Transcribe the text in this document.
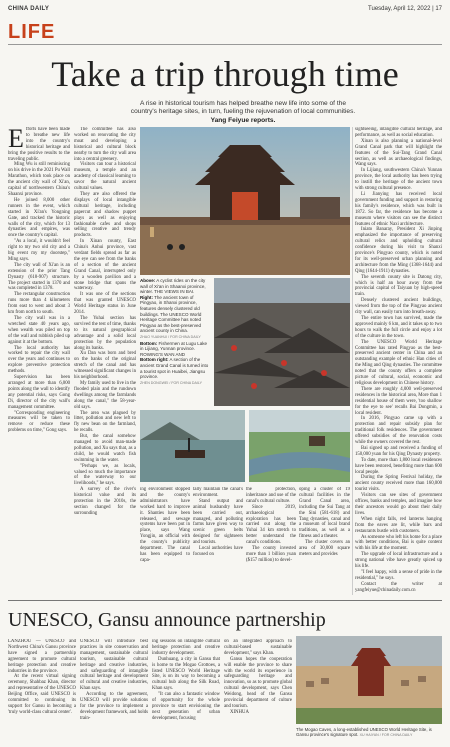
CHINA DAILY	Tuesday, April 12, 2022 | 17
LIFE
Take a trip through time
A rise in historical tourism has helped breathe new life into some of the country's heritage sites, in turn, fueling the rejuvenation of local communities. Yang Feiyue reports.
E fforts have been made to breathe new life into the country's historical heritage and bring the positive results to the traveling public.

Ming Wu is still reminiscing on his drive in the 2021 Pu Wall Marathon, which took place on the ancient city wall of Xi'an, capital of northwestern China's Shaanxi province.

He joined 8,000 other runners in the event, which started in Xi'an's Yongning Gate, and tracked the historic walls of the city, which for 13 dynasties and empires, was once the country's capital.

"As a local, it wouldn't feel right to my two old city and a big event my my doorstep," Ming says.

The city wall of Xi'an is an extension of the prior Tang Dynasty (618-907) structure. The project started in 1370 and was completed in 1378.

The rectangular construction runs more than 4 kilometers from east to west and about 3 km from north to south.

The city wall was in a wretched state 40 years ago, when wealth was piled on top of the wall and rubbish piled up against it at the bottom.

The local authority has worked to repair the city wall over the years and continues to explore preventive protection methods.

Supervision has been arranged at more than 6,000 points along the wall to identify any potential risks, says Gong Di, director of the city wall's management committee.

"Corresponding engineering measures will be taken to remove or reduce these problems on time," Gong says.

The committee has also worked on renovating the city moat and developing a historical and cultural block nearby to turn the city wall area into a central greenery.

Visitors can tour a historical museum, a temple and an academy of classical learning to savor the natural ancient cultural values.

They are also offered the displays of local intangible cultural heritage, including papercut and shadow puppet plays as well as enjoying fashionable cafes and shops selling creative and trendy products.

In Xinan county, East China's Anhui province, vast verdant fields spread as far as the eye can see from the banks of a section of the ancient Grand Canal, interrupted only by a wooden pavilion and a stone bridge that spans the waterway.

It was one of the sections that was granted UNESCO World Heritage status in June 2014.

The Yuhai section has survived the test of time, thanks to its natural geographical advantage and a solid local protection by the population along its banks.

Xu Dan was born and bred on the banks of the original stretch of the canal and has witnessed significant changes in his neighborhood.

My family used to live in the flooded plain and the rundown dwellings among the farmlands along the canal," the 58-year-old says.

The area was plagued by litter, pollution and new left to fly new bean on the farmland, he recalls.

But, the canal somehow managed to avoid man-made pollution, and Xu says that, as a child, he would watch fish swimming in the water.

"Perhaps we, as locals, valued so much the importance of the waterway to our livelihoods," he says.

A survey of the river's historical value and its protection in the 2010s, the section changed for the surrounding

Above: A cyclist rides on the city wall of Xi'an in Shaanxi province, winter. THE VIEWS IN BAI.
Right: The ancient town of Pingyao, in Shanxi province, features densely clustered old buildings. The UNESCO World Heritage Committee has noted Pingyao as the best-preserved ancient county in China.
ZHAO YUANHUI / FOR CHINA DAILY
Bottom: Fishermen at Lugu Lake in Lijiang, Yunnan province. ROWING'S WAN AND
Bottom right: A section of the ancient Grand Canal is turned into a tourist spot in Huaibei, Jiangsu province.
ZHEN DONGWEI / FOR CHINA DAILY

ing environment stopped and the county's administrators have worked hard to improve it. Shanties have been released, and sewage systems have been put in place, says Wang Yongjin, an official with the county's publicity department. The canal has been equipped to capa-

tally maintain the canal's environment.

Stand output and animal husbandry have been carried out, managed, and polluting farms have given way to scenic green belts designed for sightseers and tourists.

Local authorities have focused on

the protection, inheritance and use of the canal's cultural culture.

Since 2019, archaeological exploration has been carried out along the Yuhai 34 km stretch to better understand the canal's conditions.

The county invested more than 1 billion yuan ($157 million) to devel-

oping a cluster of 19 cultural facilities in the Grand Canal area, including the Sui Tang at the Sini (581-618) and Tang dynasties, canal and a museum of local brand traditions, as well as a fitness and a theater.

The cluster covers an area of 30,000 square meters and provides

sightseeing, intangible cultural heritage, and performance, as well as social education.

Xinan is also planning a national-level Grand Canal park that will highlight the features of the Sui-Tang Grand Canal section, as well as archaeological findings, Wang says.

In Lijiang, southwestern China's Yunnan province, the local authority has been trying to instill the heritage of the ancient town with strong cultural presence.

Li Jianying has received local government funding and support in restoring his family's residence, which was built in 1872. So far, the residence has become a museum where visitors can see the distinct features of ethnic Naxi architecture.

Iniato Banaray, President Xi Jinping emphasized the importance of preserving cultural relics and upholding cultural confidence during his visit to Shanxi province's Pingyao county, which is noted for its well-preserved urban planning and architecture from the Ming (1368-1644) and Qing (1644-1911) dynasties.

The seventh county site is Datong city, which is half an hour away from the provincial capital of Taiyuan by high-speed train.

Densely clustered ancient buildings, viewed from the top of the Pingyao ancient city wall, can easily turn into breath-away.

The entire town has survived, made the approved mainly 6 km, and it takes up to two hours to walk the full circle and enjoy a lot of the culture in the town.

The UNESCO World Heritage Committee has rated Pingyao as the best-preserved ancient center in China and an outstanding example of ethnic Han cities of the Ming and Qing dynasties. The committee noted that the county offers a complete picture of cultural, social, economic and religious development in Chinese history.

There are roughly 4,000 well-preserved residences in the historical area, More than 1 residential house of them were, 'too shallow for the eye to see' recalls Bai Dongmin, a local resident.

In 2016, Pingyao came up with a protection and repair subsidy plan for traditional folk residences. The government offered subsidies of the renovation costs while the owners covered the rest.

Bai signed up and received a funding of 150,000 yuan for his Qing Dynasty property.

To date, more than 1,800 local residences have been restored, benefiting more than 600 local people.

During the Spring Festival holiday, the ancient county received more than 160,000 tourist visits.

Visitors can see sites of government offices, banks and temples, and imagine how their ancestors would go about their daily lives.

When night falls, red lanterns hanging from the eaves are lit, while bars and restaurants bustle with customers.

As someone who left his home for a place with better conditions, Bai is quite content with his life at the moment.

The upgrade of local infrastructure and a strong national vibe have greatly spiced up his life.

"I feel happy, with a sense of pride in the residential," he says.

Contact the writer at yangfeiyue@chinadaily.com.cn

UNESCO, Gansu announce partnership

LANZHOU — UNESCO and Northwest China's Gansu province have signed a partnership agreement to promote cultural heritage protection and creative industries in the province.

At the recent virtual signing ceremony, Shahbaz Khan, director and representative of the UNESCO Beijing Office, said UNESCO is committed to continuing its support for Gansu in becoming a 'truly world-class cultural center'.

UNESCO will introduce best practices in site conservation and management, sustainable cultural tourism, sustainable cultural heritage and creative industries, and safeguarding of intangible cultural heritage and development of cultural and creative industries, Khan says.

According to the agreement, UNESCO will provide solutions for the province to implement a development framework, and holds train-

ing sessions on intangible cultural heritage protection and creative industry development.

Dunhuang, a city in Gansu that is home to the Mogao Grottoes, a listed UNESCO World Heritage Site, is on its way to becoming a cultural hub along the Silk Road, Khan says.

"It can also a fantastic window of opportunity for the whole province to start envisioning the next generation of urban development, focusing

on an integrated approach to cultural-based sustainable development," says Khan.

Gansu hopes the cooperation will enable the province to share with the world its experience in safeguarding heritage and innovation, so as to promote global cultural development, says Chen Weidong, head of the Gansu provincial department of culture and tourism.

XINHUA

The Mogao Caves, a long-established UNESCO World Heritage Site, is Gansu province's signature spot. XU HAIYAN / FOR CHINA DAILY
